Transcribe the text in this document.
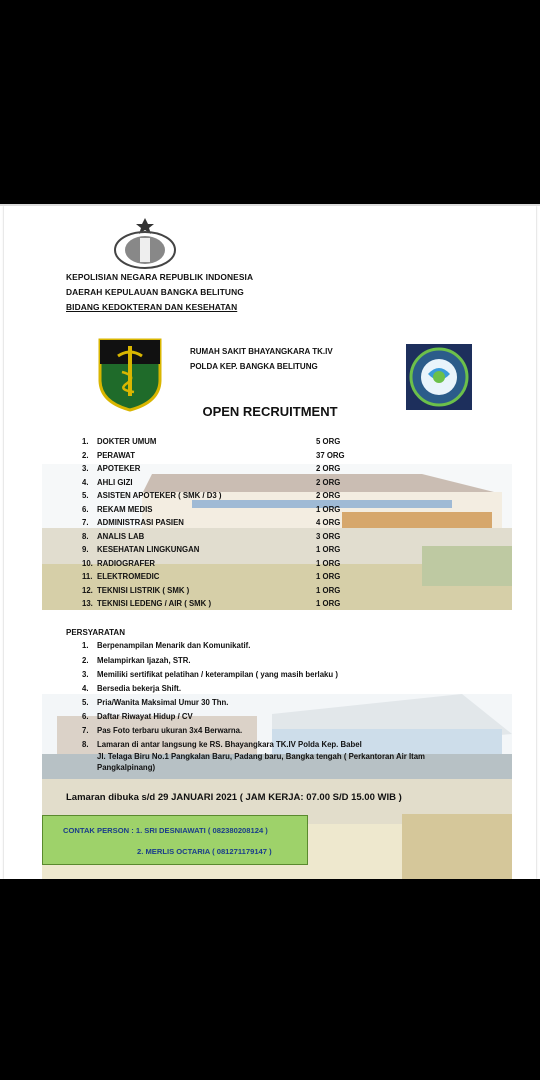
KEPOLISIAN NEGARA REPUBLIK INDONESIA
DAERAH KEPULAUAN BANGKA BELITUNG
BIDANG KEDOKTERAN DAN KESEHATAN
RUMAH SAKIT BHAYANGKARA TK.IV
POLDA KEP. BANGKA BELITUNG
OPEN RECRUITMENT
1.	DOKTER UMUM	5 ORG
2.	PERAWAT	37 ORG
3.	APOTEKER	2 ORG
4.	AHLI GIZI	2 ORG
5.	ASISTEN APOTEKER ( SMK / D3 )	2 ORG
6.	REKAM MEDIS	1 ORG
7.	ADMINISTRASI PASIEN	4 ORG
8.	ANALIS LAB	3 ORG
9.	KESEHATAN LINGKUNGAN	1 ORG
10. RADIOGRAFER	1 ORG
11. ELEKTROMEDIC	1 ORG
12. TEKNISI LISTRIK ( SMK )	1 ORG
13. TEKNISI LEDENG / AIR ( SMK )	1 ORG
PERSYARATAN
1. Berpenampilan Menarik dan Komunikatif.
2. Melampirkan Ijazah, STR.
3. Memiliki sertifikat pelatihan / keterampilan ( yang masih berlaku )
4. Bersedia bekerja Shift.
5. Pria/Wanita Maksimal Umur 30 Thn.
6. Daftar Riwayat Hidup / CV
7. Pas Foto terbaru ukuran 3x4 Berwarna.
8. Lamaran di antar langsung ke RS. Bhayangkara TK.IV Polda Kep. Babel
Jl. Telaga Biru No.1 Pangkalan Baru, Padang baru, Bangka tengah ( Perkantoran Air Itam Pangkalpinang)
Lamaran dibuka s/d 29 JANUARI 2021 ( JAM KERJA: 07.00 S/D 15.00 WIB )
CONTAK PERSON : 1. SRI DESNIAWATI ( 082380208124 )
2. MERLIS OCTARIA ( 081271179147 )
